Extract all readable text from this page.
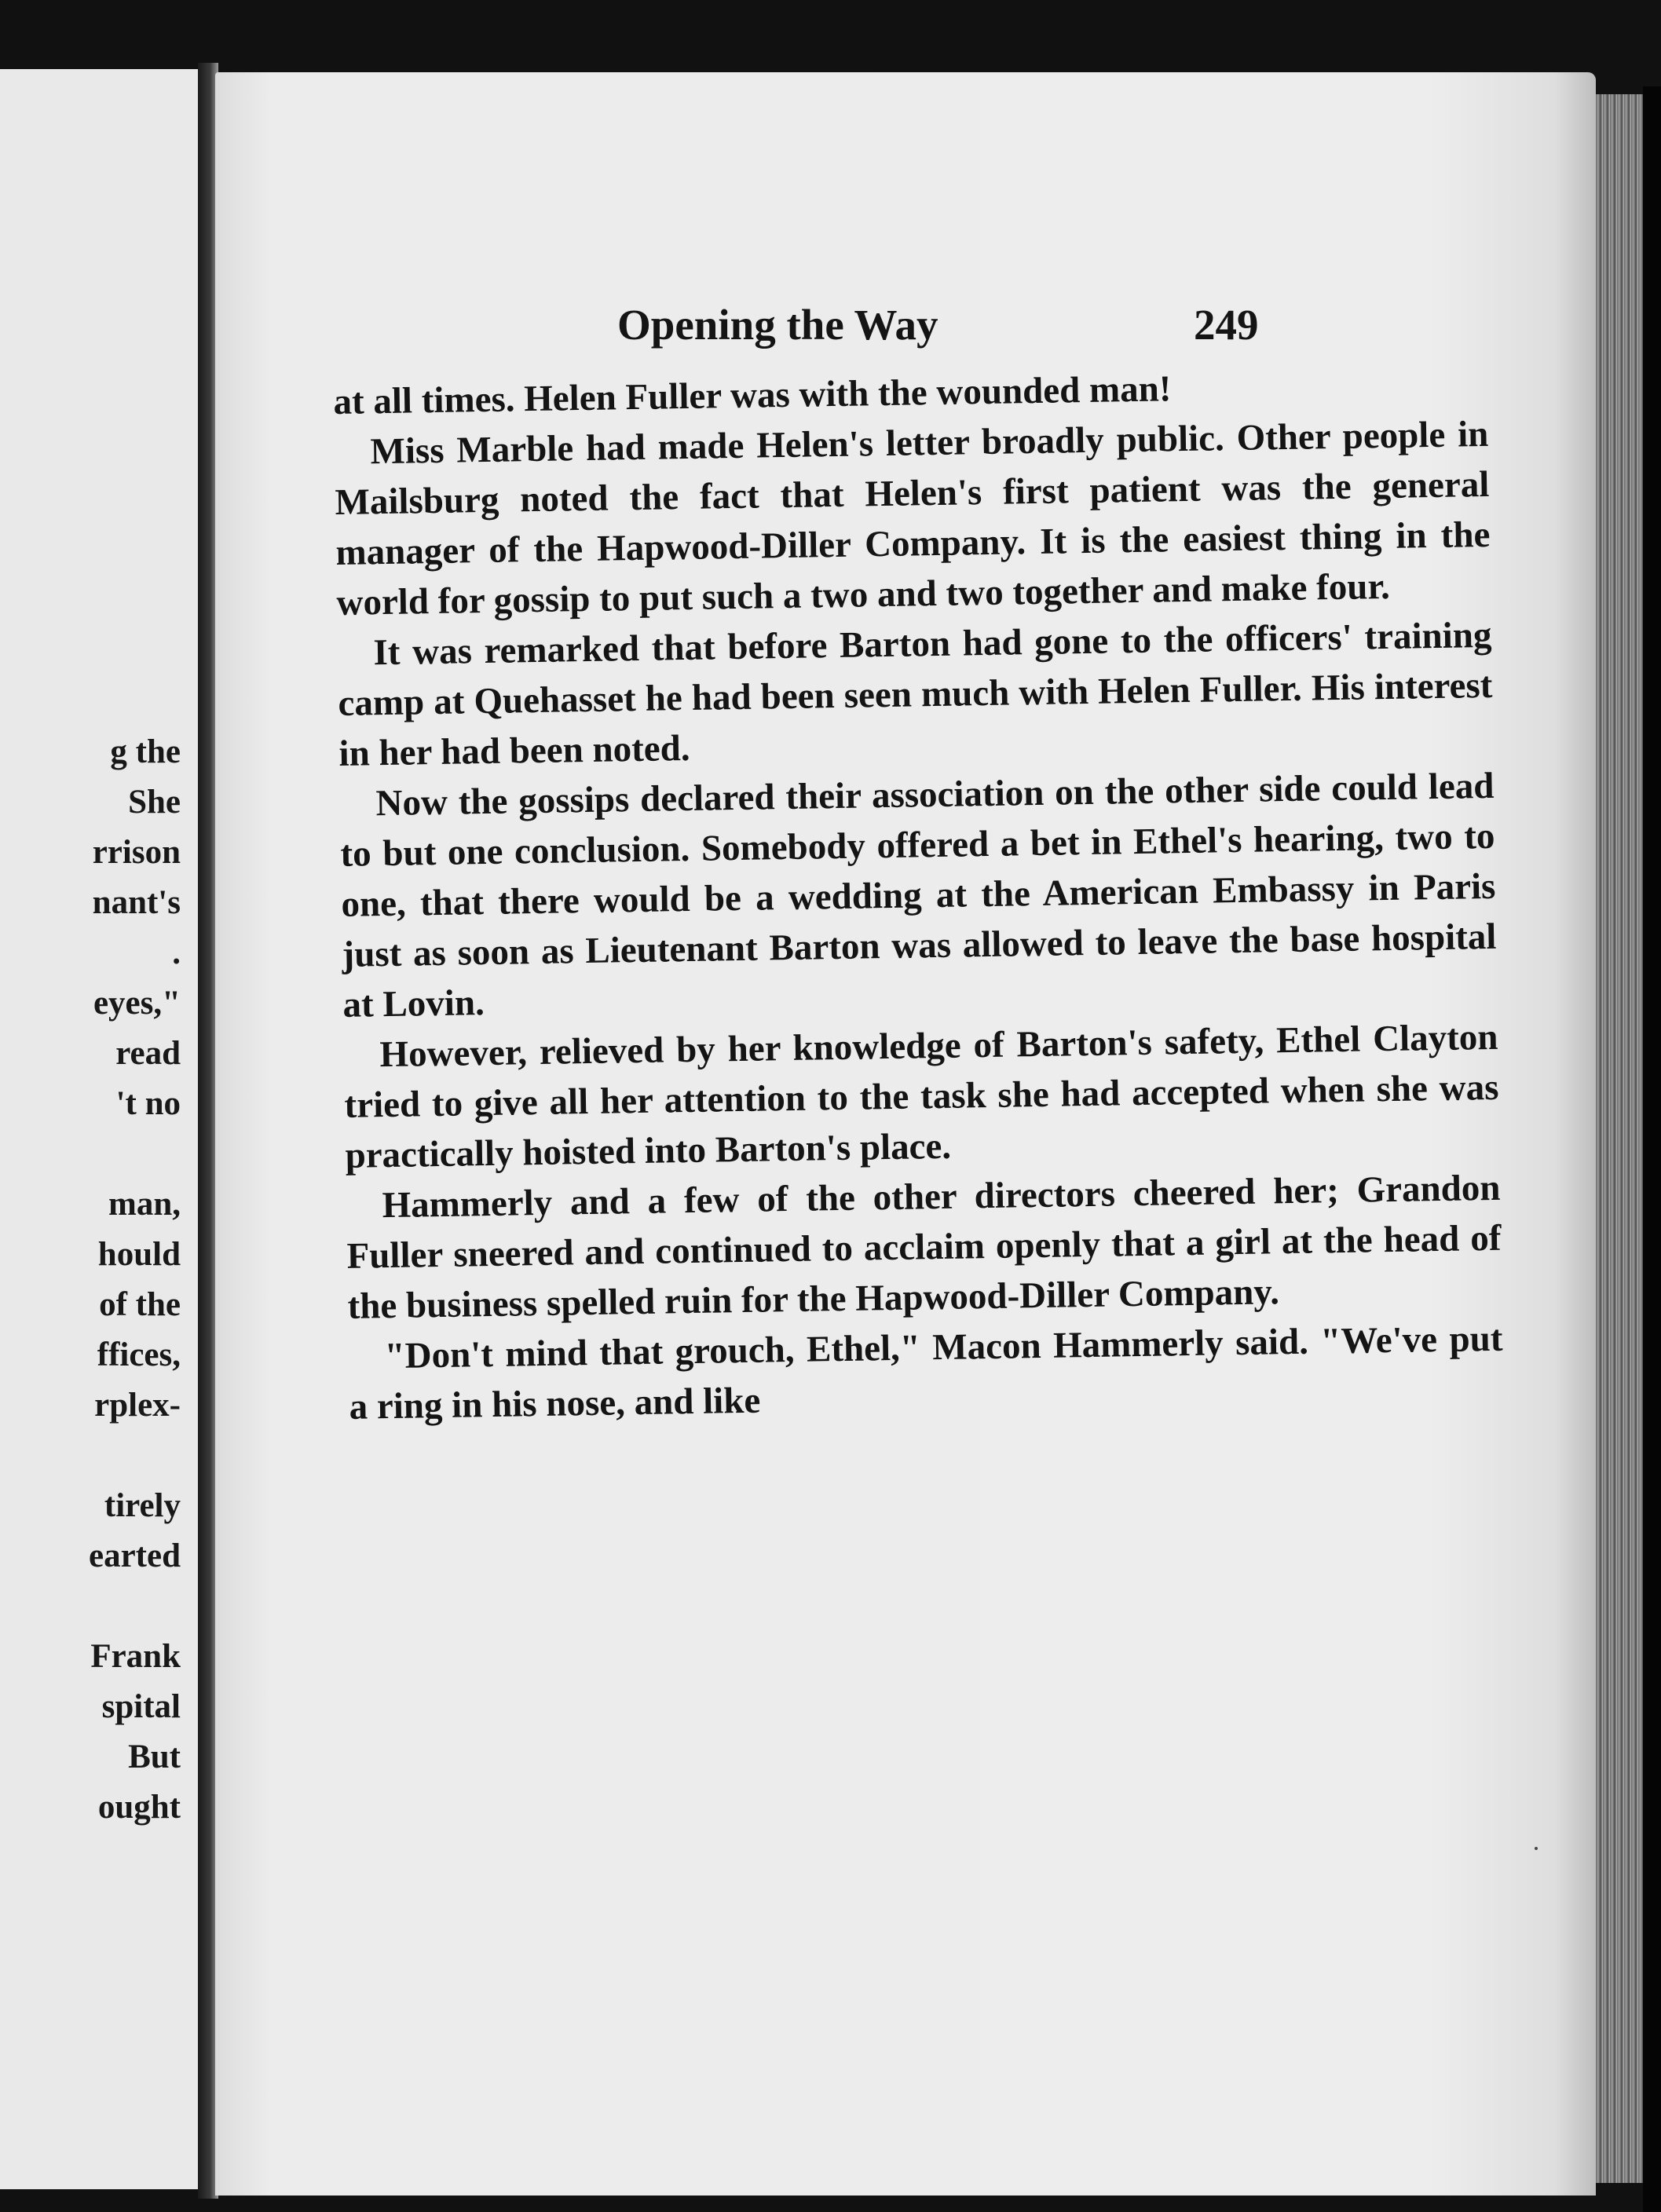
g the
She
rrison
nant's
.
eyes,"
read
't no
man,
hould
of the
ffices,
rplex-
tirely
earted
Frank
spital
But
ought
Opening the Way	249

at all times. Helen Fuller was with the wounded man!

Miss Marble had made Helen's letter broadly public. Other people in Mailsburg noted the fact that Helen's first patient was the general manager of the Hapwood-Diller Company. It is the easiest thing in the world for gossip to put such a two and two together and make four.

It was remarked that before Barton had gone to the officers' training camp at Quehasset he had been seen much with Helen Fuller. His interest in her had been noted.

Now the gossips declared their association on the other side could lead to but one conclusion. Somebody offered a bet in Ethel's hearing, two to one, that there would be a wedding at the American Embassy in Paris just as soon as Lieutenant Barton was allowed to leave the base hospital at Lovin.

However, relieved by her knowledge of Barton's safety, Ethel Clayton tried to give all her attention to the task she had accepted when she was practically hoisted into Barton's place.

Hammerly and a few of the other directors cheered her; Grandon Fuller sneered and continued to acclaim openly that a girl at the head of the business spelled ruin for the Hapwood-Diller Company.

"Don't mind that grouch, Ethel," Macon Hammerly said. "We've put a ring in his nose, and like
